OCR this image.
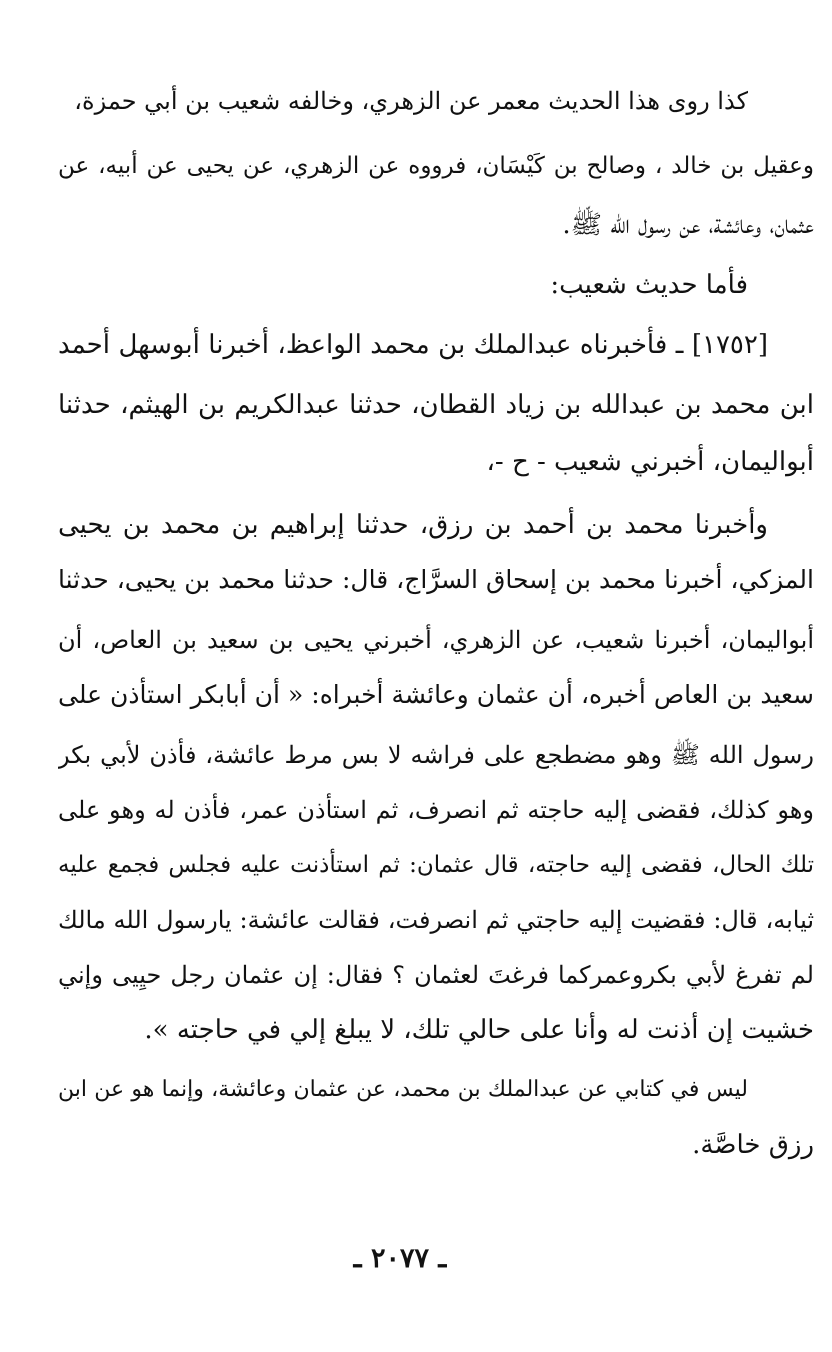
كذا روى هذا الحديث معمر عن الزهري، وخالفه شعيب بن أبي حمزة،
وعقيل بن خالد ، وصالح بن كَيْسَان، فرووه عن الزهري، عن يحيى عن أبيه، عن
عثمان، وعائشة، عن رسول الله ﷺ.
فأما حديث شعيب:
[١٧٥٢] ـ فأخبرناه عبدالملك بن محمد الواعظ، أخبرنا أبوسهل أحمد
ابن محمد بن عبدالله بن زياد القطان، حدثنا عبدالكريم بن الهيثم، حدثنا
أبواليمان، أخبرني شعيب - ح -،
وأخبرنا محمد بن أحمد بن رزق، حدثنا إبراهيم بن محمد بن يحيى
المزكي، أخبرنا محمد بن إسحاق السرَّاج، قال: حدثنا محمد بن يحيى، حدثنا
أبواليمان، أخبرنا شعيب، عن الزهري، أخبرني يحيى بن سعيد بن العاص، أن
سعيد بن العاص أخبره، أن عثمان وعائشة أخبراه: « أن أبابكر استأذن على
رسول الله ﷺ وهو مضطجع على فراشه لا بس مرط عائشة، فأذن لأبي بكر
وهو كذلك، فقضى إليه حاجته ثم انصرف، ثم استأذن عمر، فأذن له وهو على
تلك الحال، فقضى إليه حاجته، قال عثمان: ثم استأذنت عليه فجلس فجمع عليه
ثيابه، قال: فقضيت إليه حاجتي ثم انصرفت، فقالت عائشة: يارسول الله مالك
لم تفرغ لأبي بكروعمركما فرغتَ لعثمان ؟ فقال: إن عثمان رجل حيِيى وإني
خشيت إن أذنت له وأنا على حالي تلك، لا يبلغ إلي في حاجته ».
ليس في كتابي عن عبدالملك بن محمد، عن عثمان وعائشة، وإنما هو عن ابن
رزق خاصَّة.
ـ ٢٠٧٧ ـ
